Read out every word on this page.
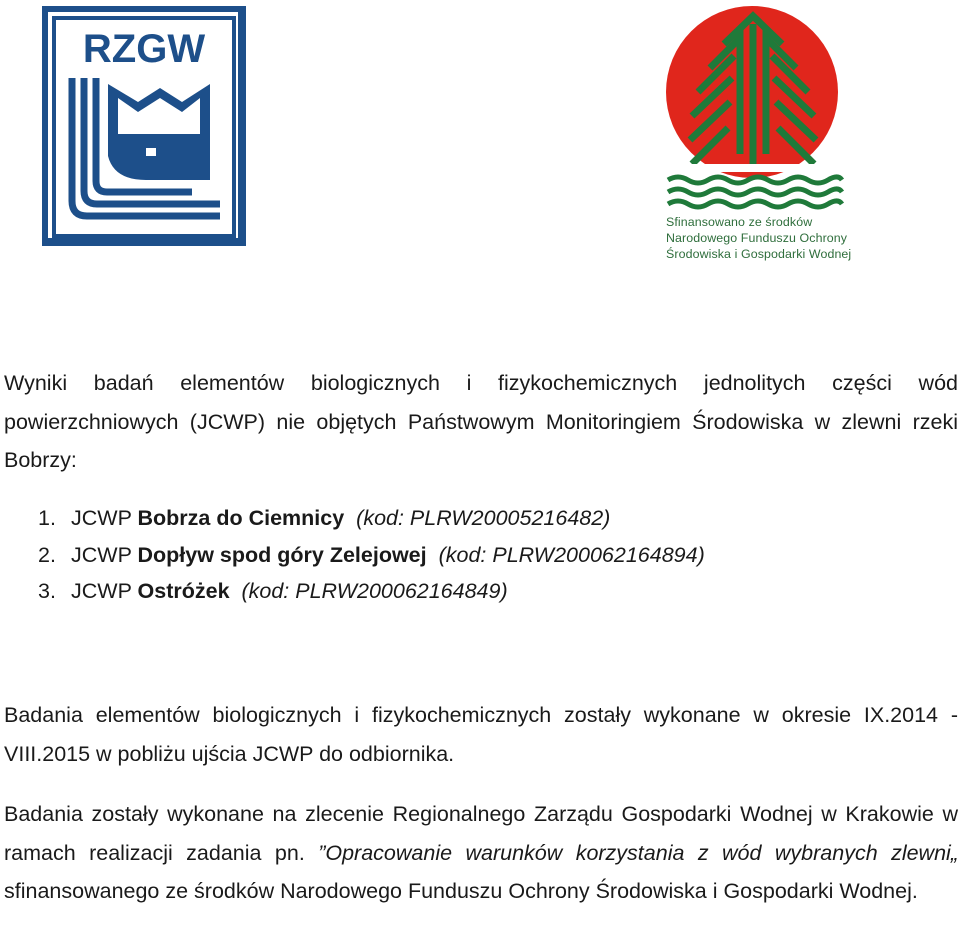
RZGW
Sfinansowano ze środków
Narodowego Funduszu Ochrony
Środowiska i Gospodarki Wodnej

Wyniki badań elementów biologicznych i fizykochemicznych jednolitych części wód powierzchniowych (JCWP) nie objętych Państwowym Monitoringiem Środowiska w zlewni rzeki Bobrzy:

1. JCWP Bobrza do Ciemnicy (kod: PLRW20005216482)
2. JCWP Dopływ spod góry Zelejowej (kod: PLRW200062164894)
3. JCWP Ostróżek (kod: PLRW200062164849)

Badania elementów biologicznych i fizykochemicznych zostały wykonane w okresie IX.2014 - VIII.2015 w pobliżu ujścia JCWP do odbiornika.

Badania zostały wykonane na zlecenie Regionalnego Zarządu Gospodarki Wodnej w Krakowie w ramach realizacji zadania pn. ”Opracowanie warunków korzystania z wód wybranych zlewni„ sfinansowanego ze środków Narodowego Funduszu Ochrony Środowiska i Gospodarki Wodnej.
